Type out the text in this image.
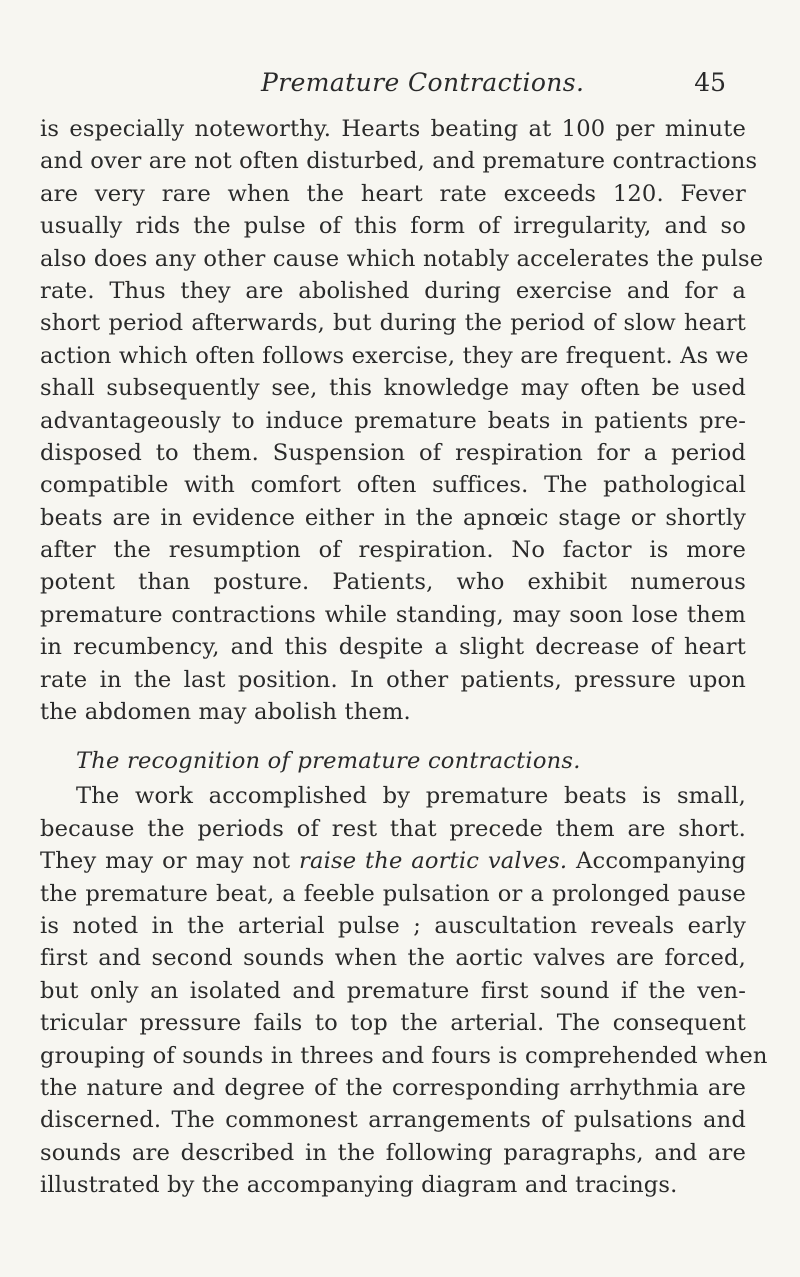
Premature Contractions.	45
is especially noteworthy. Hearts beating at 100 per minute
and over are not often disturbed, and premature contractions
are very rare when the heart rate exceeds 120. Fever
usually rids the pulse of this form of irregularity, and so
also does any other cause which notably accelerates the pulse
rate. Thus they are abolished during exercise and for a
short period afterwards, but during the period of slow heart
action which often follows exercise, they are frequent. As we
shall subsequently see, this knowledge may often be used
advantageously to induce premature beats in patients pre-
disposed to them. Suspension of respiration for a period
compatible with comfort often suffices. The pathological
beats are in evidence either in the apnœic stage or shortly
after the resumption of respiration. No factor is more
potent than posture. Patients, who exhibit numerous
premature contractions while standing, may soon lose them
in recumbency, and this despite a slight decrease of heart
rate in the last position. In other patients, pressure upon
the abdomen may abolish them.
The recognition of premature contractions.
The work accomplished by premature beats is small,
because the periods of rest that precede them are short.
They may or may not raise the aortic valves. Accompanying
the premature beat, a feeble pulsation or a prolonged pause
is noted in the arterial pulse ; auscultation reveals early
first and second sounds when the aortic valves are forced,
but only an isolated and premature first sound if the ven-
tricular pressure fails to top the arterial. The consequent
grouping of sounds in threes and fours is comprehended when
the nature and degree of the corresponding arrhythmia are
discerned. The commonest arrangements of pulsations and
sounds are described in the following paragraphs, and are
illustrated by the accompanying diagram and tracings.
